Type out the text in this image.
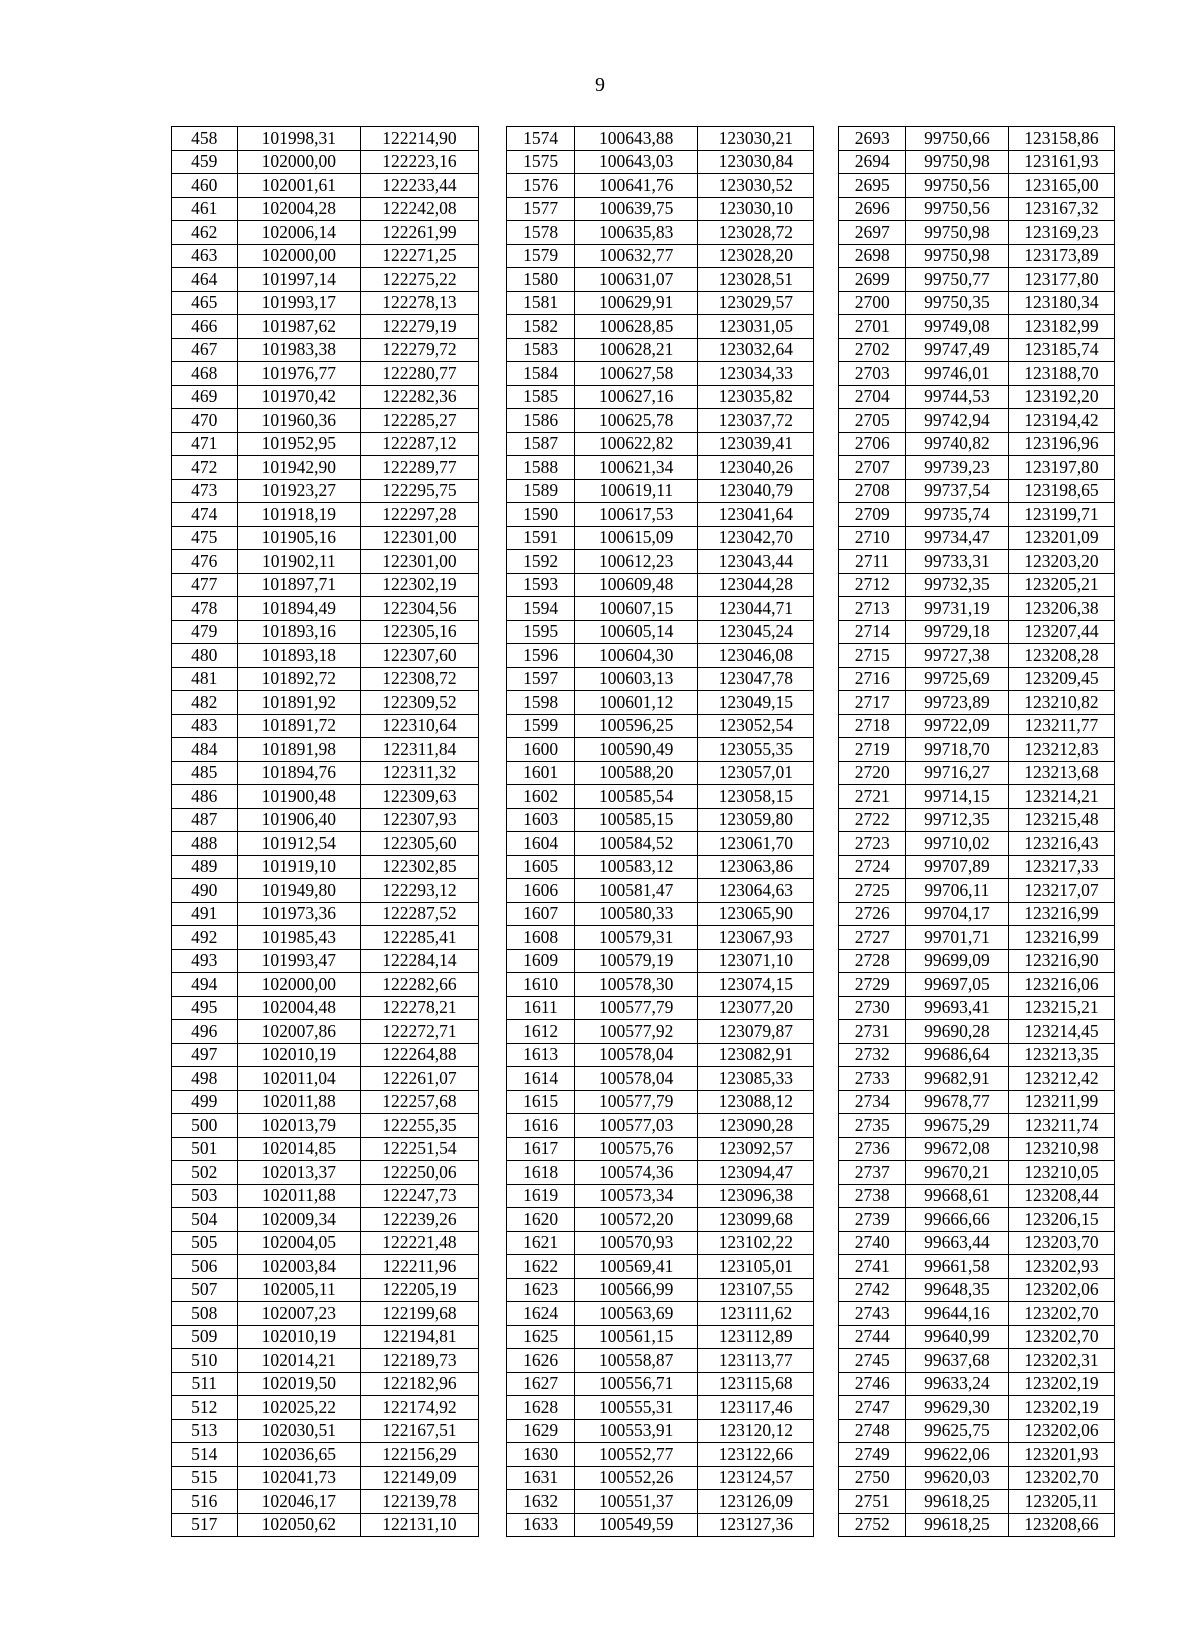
9
458	101998,31	122214,90		1574	100643,88	123030,21		2693	99750,66	123158,86
459	102000,00	122223,16		1575	100643,03	123030,84		2694	99750,98	123161,93
460	102001,61	122233,44		1576	100641,76	123030,52		2695	99750,56	123165,00
461	102004,28	122242,08		1577	100639,75	123030,10		2696	99750,56	123167,32
462	102006,14	122261,99		1578	100635,83	123028,72		2697	99750,98	123169,23
463	102000,00	122271,25		1579	100632,77	123028,20		2698	99750,98	123173,89
464	101997,14	122275,22		1580	100631,07	123028,51		2699	99750,77	123177,80
465	101993,17	122278,13		1581	100629,91	123029,57		2700	99750,35	123180,34
466	101987,62	122279,19		1582	100628,85	123031,05		2701	99749,08	123182,99
467	101983,38	122279,72		1583	100628,21	123032,64		2702	99747,49	123185,74
468	101976,77	122280,77		1584	100627,58	123034,33		2703	99746,01	123188,70
469	101970,42	122282,36		1585	100627,16	123035,82		2704	99744,53	123192,20
470	101960,36	122285,27		1586	100625,78	123037,72		2705	99742,94	123194,42
471	101952,95	122287,12		1587	100622,82	123039,41		2706	99740,82	123196,96
472	101942,90	122289,77		1588	100621,34	123040,26		2707	99739,23	123197,80
473	101923,27	122295,75		1589	100619,11	123040,79		2708	99737,54	123198,65
474	101918,19	122297,28		1590	100617,53	123041,64		2709	99735,74	123199,71
475	101905,16	122301,00		1591	100615,09	123042,70		2710	99734,47	123201,09
476	101902,11	122301,00		1592	100612,23	123043,44		2711	99733,31	123203,20
477	101897,71	122302,19		1593	100609,48	123044,28		2712	99732,35	123205,21
478	101894,49	122304,56		1594	100607,15	123044,71		2713	99731,19	123206,38
479	101893,16	122305,16		1595	100605,14	123045,24		2714	99729,18	123207,44
480	101893,18	122307,60		1596	100604,30	123046,08		2715	99727,38	123208,28
481	101892,72	122308,72		1597	100603,13	123047,78		2716	99725,69	123209,45
482	101891,92	122309,52		1598	100601,12	123049,15		2717	99723,89	123210,82
483	101891,72	122310,64		1599	100596,25	123052,54		2718	99722,09	123211,77
484	101891,98	122311,84		1600	100590,49	123055,35		2719	99718,70	123212,83
485	101894,76	122311,32		1601	100588,20	123057,01		2720	99716,27	123213,68
486	101900,48	122309,63		1602	100585,54	123058,15		2721	99714,15	123214,21
487	101906,40	122307,93		1603	100585,15	123059,80		2722	99712,35	123215,48
488	101912,54	122305,60		1604	100584,52	123061,70		2723	99710,02	123216,43
489	101919,10	122302,85		1605	100583,12	123063,86		2724	99707,89	123217,33
490	101949,80	122293,12		1606	100581,47	123064,63		2725	99706,11	123217,07
491	101973,36	122287,52		1607	100580,33	123065,90		2726	99704,17	123216,99
492	101985,43	122285,41		1608	100579,31	123067,93		2727	99701,71	123216,99
493	101993,47	122284,14		1609	100579,19	123071,10		2728	99699,09	123216,90
494	102000,00	122282,66		1610	100578,30	123074,15		2729	99697,05	123216,06
495	102004,48	122278,21		1611	100577,79	123077,20		2730	99693,41	123215,21
496	102007,86	122272,71		1612	100577,92	123079,87		2731	99690,28	123214,45
497	102010,19	122264,88		1613	100578,04	123082,91		2732	99686,64	123213,35
498	102011,04	122261,07		1614	100578,04	123085,33		2733	99682,91	123212,42
499	102011,88	122257,68		1615	100577,79	123088,12		2734	99678,77	123211,99
500	102013,79	122255,35		1616	100577,03	123090,28		2735	99675,29	123211,74
501	102014,85	122251,54		1617	100575,76	123092,57		2736	99672,08	123210,98
502	102013,37	122250,06		1618	100574,36	123094,47		2737	99670,21	123210,05
503	102011,88	122247,73		1619	100573,34	123096,38		2738	99668,61	123208,44
504	102009,34	122239,26		1620	100572,20	123099,68		2739	99666,66	123206,15
505	102004,05	122221,48		1621	100570,93	123102,22		2740	99663,44	123203,70
506	102003,84	122211,96		1622	100569,41	123105,01		2741	99661,58	123202,93
507	102005,11	122205,19		1623	100566,99	123107,55		2742	99648,35	123202,06
508	102007,23	122199,68		1624	100563,69	123111,62		2743	99644,16	123202,70
509	102010,19	122194,81		1625	100561,15	123112,89		2744	99640,99	123202,70
510	102014,21	122189,73		1626	100558,87	123113,77		2745	99637,68	123202,31
511	102019,50	122182,96		1627	100556,71	123115,68		2746	99633,24	123202,19
512	102025,22	122174,92		1628	100555,31	123117,46		2747	99629,30	123202,19
513	102030,51	122167,51		1629	100553,91	123120,12		2748	99625,75	123202,06
514	102036,65	122156,29		1630	100552,77	123122,66		2749	99622,06	123201,93
515	102041,73	122149,09		1631	100552,26	123124,57		2750	99620,03	123202,70
516	102046,17	122139,78		1632	100551,37	123126,09		2751	99618,25	123205,11
517	102050,62	122131,10		1633	100549,59	123127,36		2752	99618,25	123208,66
